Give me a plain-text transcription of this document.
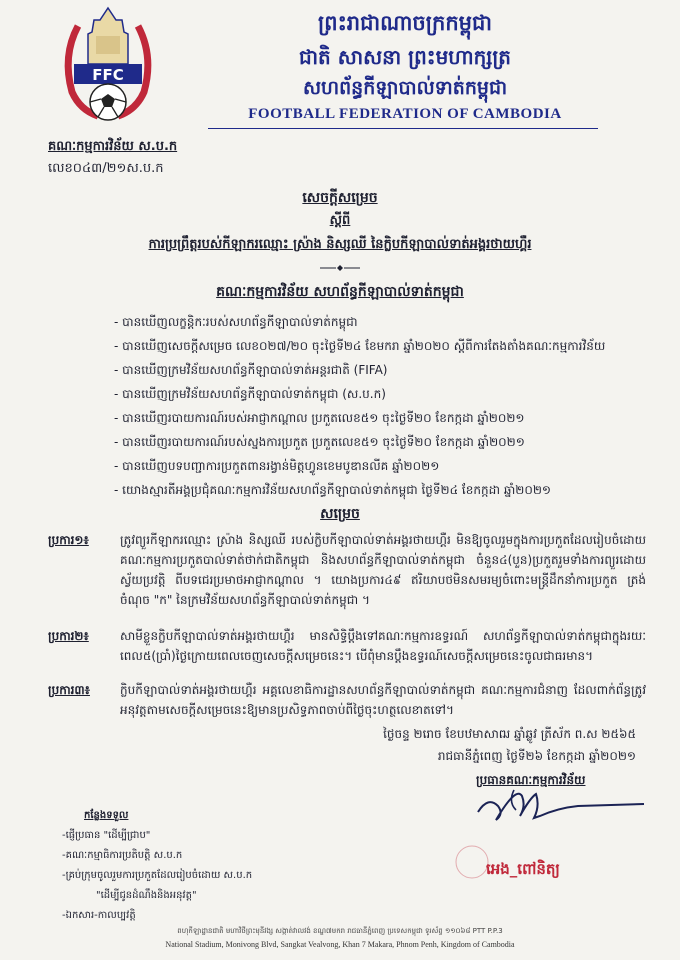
FFC
ព្រះរាជាណាចក្រកម្ពុជា
ជាតិ សាសនា ព្រះមហាក្សត្រ
សហព័ន្ធកីឡាបាល់ទាត់កម្ពុជា
FOOTBALL FEDERATION OF CAMBODIA
គណៈកម្មការវិន័យ ស.ប.ក
លេខ០៤៣/២១ស.ប.ក
សេចក្តីសម្រេច
ស្តីពី
ការប្រព្រឹត្តរបស់កីឡាករឈ្មោះ ស្រ៉ាង និស្សឈី នៃក្លិបកីឡាបាល់ទាត់អង្គរថាយហ្គឺរ
គណៈកម្មការវិន័យ សហព័ន្ធកីឡាបាល់ទាត់កម្ពុជា
- បានឃើញលក្ខន្តិកៈរបស់សហព័ន្ធកីឡាបាល់ទាត់កម្ពុជា
- បានឃើញសេចក្តីសម្រេច លេខ០២៧/២០ ចុះថ្ងៃទី២៤ ខែមករា ឆ្នាំ២០២០ ស្តីពីការតែងតាំងគណៈកម្មការវិន័យ
- បានឃើញក្រមវិន័យសហព័ន្ធកីឡាបាល់ទាត់អន្តរជាតិ (FIFA)
- បានឃើញក្រមវិន័យសហព័ន្ធកីឡាបាល់ទាត់កម្ពុជា (ស.ប.ក)
- បានឃើញរបាយការណ៍របស់អាជ្ញាកណ្តាល ប្រកួតលេខ៥១ ចុះថ្ងៃទី២០ ខែកក្កដា ឆ្នាំ២០២១
- បានឃើញរបាយការណ៍របស់ស្នងការប្រកួត ប្រកួតលេខ៥១ ចុះថ្ងៃទី២០ ខែកក្កដា ឆ្នាំ២០២១
- បានឃើញបទបញ្ជាការប្រកួតពានរង្វាន់មិត្តហ្វូនខេមបូឌានលីគ ឆ្នាំ២០២១
- យោងស្មារតីអង្គប្រជុំគណៈកម្មការវិន័យសហព័ន្ធកីឡាបាល់ទាត់កម្ពុជា ថ្ងៃទី២៤ ខែកក្កដា ឆ្នាំ២០២១
សម្រេច
ប្រការ១៖	ត្រូវព្យួរកីឡាករឈ្មោះ ស្រ៉ាង និស្សឈី របស់ក្លិបកីឡាបាល់ទាត់អង្គរថាយហ្គឺរ មិនឱ្យចូលរួមក្នុងការប្រកួតដែលរៀបចំដោយគណៈកម្មការប្រកួតបាល់ទាត់ថាក់ជាតិកម្ពុជា និងសហព័ន្ធកីឡាបាល់ទាត់កម្ពុជា ចំនួន៤(បួន)ប្រកួតរួមទាំងការព្យួរដោយស្វ័យប្រវត្តិ ពីបទជេរប្រមាថអាជ្ញាកណ្តាល ។ យោងប្រការ៤៩ ឥរិយាបថមិនសមរម្យចំពោះមន្ត្រីដឹកនាំការប្រកួត ត្រង់ចំណុច "ក" នៃក្រមវិន័យសហព័ន្ធកីឡាបាល់ទាត់កម្ពុជា ។
ប្រការ២៖	សាមីខ្លួនក្លិបកីឡាបាល់ទាត់អង្គរថាយហ្គឺរ មានសិទ្ធិប្តឹងទៅគណៈកម្មការឧទ្ធរណ៍ សហព័ន្ធកីឡាបាល់ទាត់កម្ពុជាក្នុងរយៈពេល៥(ប្រាំ)ថ្ងៃក្រោយពេលចេញសេចក្តីសម្រេចនេះ។ បើពុំមានប្តឹងឧទ្ធរណ៍សេចក្តីសម្រេចនេះចូលជាធរមាន។
ប្រការ៣៖	ក្លិបកីឡាបាល់ទាត់អង្គរថាយហ្គឺរ អគ្គលេខាធិការដ្ឋានសហព័ន្ធកីឡាបាល់ទាត់កម្ពុជា គណៈកម្មការជំនាញ ដែលពាក់ព័ន្ធត្រូវអនុវត្តតាមសេចក្តីសម្រេចនេះឱ្យមានប្រសិទ្ធភាពចាប់ពីថ្ងៃចុះហត្ថលេខាតទៅ។
ថ្ងៃចន្ទ ២រោច ខែបឋមាសាឍ ឆ្នាំឆ្លូវ ត្រីស័ក ព.ស ២៥៦៥
រាជធានីភ្នំពេញ ថ្ងៃទី២៦ ខែកក្កដា ឆ្នាំ២០២១
ប្រធានគណៈកម្មការវិន័យ
កន្លែងទទួល
-ផ្ញើប្រធាន "ដើម្បីជ្រាប"
-គណៈកម្មាធិការប្រតិបត្តិ ស.ប.ក
-គ្រប់ក្រុមចូលរួមការប្រកួតដែលរៀបចំដោយ ស.ប.ក
"ដើម្បីជូនដំណឹងនិងអនុវត្ត"
-ឯកសារ-កាលប្បវត្តិ
អេង_ពៅនិត្យ
ពហុកីឡាដ្ឋានជាតិ មហាវិថីព្រះមុនីវង្ស សង្កាត់វាលវង់ ខណ្ឌ៧មករា រាជធានីភ្នំពេញ ប្រទេសកម្ពុជា ទូរស័ព្ទ ១១០៦៨ PTT P.P.3
National Stadium, Monivong Blvd, Sangkat Vealvong, Khan 7 Makara, Phnom Penh, Kingdom of Cambodia
